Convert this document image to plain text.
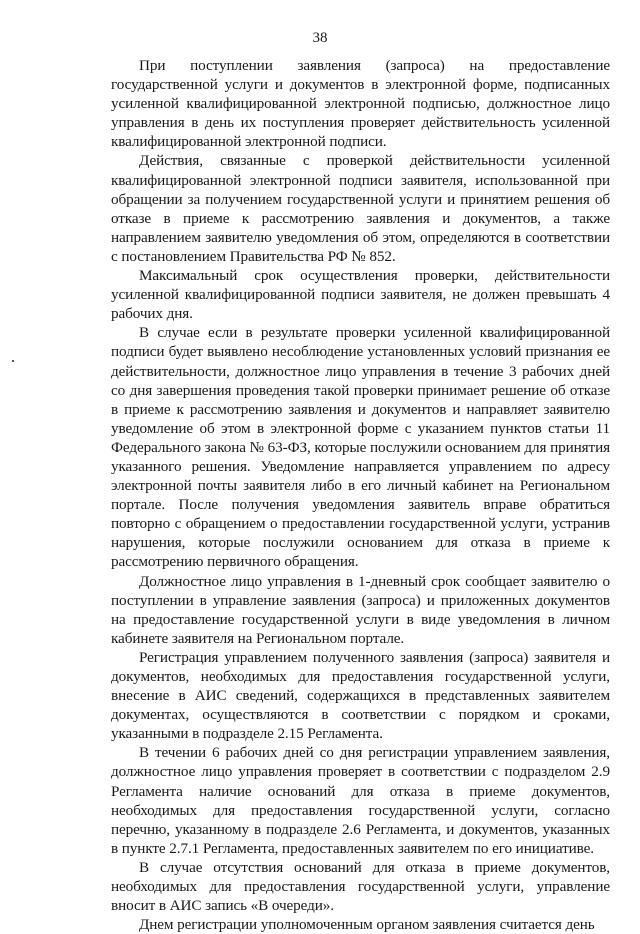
38

При поступлении заявления (запроса) на предоставление государственной услуги и документов в электронной форме, подписанных усиленной квалифицированной электронной подписью, должностное лицо управления в день их поступления проверяет действительность усиленной квалифицированной электронной подписи.

Действия, связанные с проверкой действительности усиленной квалифицированной электронной подписи заявителя, использованной при обращении за получением государственной услуги и принятием решения об отказе в приеме к рассмотрению заявления и документов, а также направлением заявителю уведомления об этом, определяются в соответствии с постановлением Правительства РФ № 852.

Максимальный срок осуществления проверки, действительности усиленной квалифицированной подписи заявителя, не должен превышать 4 рабочих дня.

В случае если в результате проверки усиленной квалифицированной подписи будет выявлено несоблюдение установленных условий признания ее действительности, должностное лицо управления в течение 3 рабочих дней со дня завершения проведения такой проверки принимает решение об отказе в приеме к рассмотрению заявления и документов и направляет заявителю уведомление об этом в электронной форме с указанием пунктов статьи 11 Федерального закона № 63-ФЗ, которые послужили основанием для принятия указанного решения. Уведомление направляется управлением по адресу электронной почты заявителя либо в его личный кабинет на Региональном портале. После получения уведомления заявитель вправе обратиться повторно с обращением о предоставлении государственной услуги, устранив нарушения, которые послужили основанием для отказа в приеме к рассмотрению первичного обращения.

Должностное лицо управления в 1-дневный срок сообщает заявителю о поступлении в управление заявления (запроса) и приложенных документов на предоставление государственной услуги в виде уведомления в личном кабинете заявителя на Региональном портале.

Регистрация управлением полученного заявления (запроса) заявителя и документов, необходимых для предоставления государственной услуги, внесение в АИС сведений, содержащихся в представленных заявителем документах, осуществляются в соответствии с порядком и сроками, указанными в подразделе 2.15 Регламента.

В течении 6 рабочих дней со дня регистрации управлением заявления, должностное лицо управления проверяет в соответствии с подразделом 2.9 Регламента наличие оснований для отказа в приеме документов, необходимых для предоставления государственной услуги, согласно перечню, указанному в подразделе 2.6 Регламента, и документов, указанных в пункте 2.7.1 Регламента, предоставленных заявителем по его инициативе.

В случае отсутствия оснований для отказа в приеме документов, необходимых для предоставления государственной услуги, управление вносит в АИС запись «В очереди».

Днем регистрации уполномоченным органом заявления считается день
